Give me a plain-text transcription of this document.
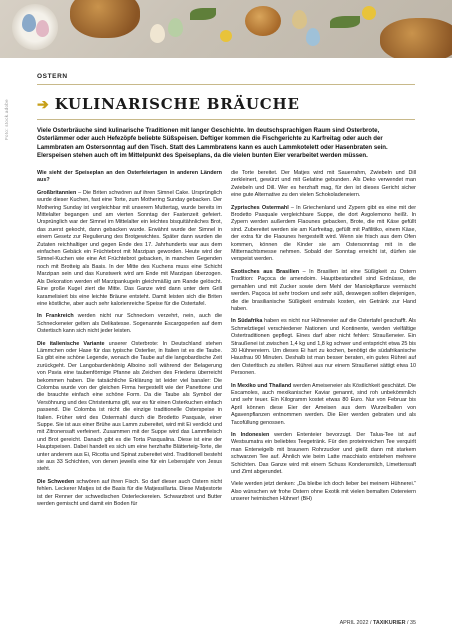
Foto: stock.adobe
OSTERN
➔ KULINARISCHE BRÄUCHE

Viele Osterbräuche sind kulinarische Traditionen mit langer Geschichte. Im deutschsprachigen Raum sind Osterbrote, Osterlämmer oder auch Hefezöpfe beliebte Süßspeisen. Deftiger kommen die Fischgerichte zu Karfreitag oder auch der Lammbraten am Ostersonntag auf den Tisch. Statt des Lammbratens kann es auch Lammkotelett oder Hasenbraten sein. Elerspeisen stehen auch oft im Mittelpunkt des Speiseplans, da die vielen bunten Eier verarbeitet werden müssen.

Wie sieht der Speiseplan an den Osterfeiertagen in anderen Ländern aus?

Großbritannien – Die Briten schwören auf ihren Simnel Cake. Ursprünglich wurde dieser Kuchen, fast eine Torte, zum Mothering Sunday gebacken. Der Mothering Sunday ist vergleichbar mit unserem Muttertag, wurde bereits im Mittelalter begangen und am vierten Sonntag der Fastenzeit gefeiert. Ursprünglich war der Simnel im Mittelalter ein leichtes bisquitähnliches Brot, das zuerst gekocht, dann gebacken wurde. Erwähnt wurde der Simnel in einem Gesetz zur Regulierung des Brotgewichtes. Später dann wurden die Zutaten reichhaltiger und gegen Ende des 17. Jahrhunderts war aus dem einfachen Gebäck ein Früchtebrot mit Marzipan geworden. Heute wird der Simnel-Kuchen wie eine Art Früchtebrot gebacken, in manchen Gegenden noch mit Brotteig als Basis. In der Mitte des Kuchens muss eine Schicht Marzipan sein und das Kunstwerk wird am Ende mit Marzipan überzogen. Als Dekoration werden elf Marzipankugeln gleichmäßig am Rande gelöscht. Eine große Kugel ziert die Mitte. Das Ganze wird dann unter dem Grill karamelisiert bis eine leichte Bräune entsteht. Damit leisten sich die Briten eine köstliche, aber auch sehr kalorienreiche Speise für die Ostertafel.

In Frankreich werden nicht nur Schnecken verzehrt, nein, auch die Schneckeneier gelten als Delikatesse. Sogenannte Escargoperlen auf dem Ostertisch kann sich nicht jeder leisten.

Die italienische Variante unserer Osterbrote: In Deutschland stehen Lämmchen oder Hase für das typische Osterlier, in Italien ist es die Taube. Es gibt eine schöne Legende, wonach die Taube auf die langobardische Zeit zurückgeht. Der Langobardenkönig Alboino soll während der Belagerung von Pavia eine taubenförmige Pfanne als Zeichen des Friedens überreicht bekommen haben. Die tatsächliche Erklärung ist leider viel banaler: Die Colomba wurde von der gleichen Firma hergestellt wie der Panettone und die brauchte einfach eine schöne Form. Da die Taube als Symbol der Versöhnung und des Christentums gilt, war es für einen Osterkuchen einfach passend. Die Colomba ist nicht die einzige traditionelle Osterspeise in Italien. Früher wird des Ostermahl durch die Brodetto Pasquale, einer Suppe. Sie ist aus einer Brühe aus Lamm zubereitet, wird mit Ei verdickt und mit Zitronensaft verfeinert. Zusammen mit der Suppe wird das Lammfleisch und Brot gereicht. Danach gibt es die Torta Pasqualina. Diese ist eine der Hauptspeisen. Dabei handelt es sich um eine herzhafte Blätterteig-Torte, die unter anderem aus Ei, Ricotta und Spinat zubereitet wird. Traditionell besteht sie aus 33 Schichten, von denen jeweils eine für ein Lebensjahr von Jesus steht.

Die Schweden schwören auf ihren Fisch. So darf dieser auch Ostern nicht fehlen. Leckerer Matjes ist die Basis für die Matjessillarta. Diese Matjestorte ist der Renner der schwedischen Osterleckereien. Schwarzbrot und Butter werden gemischt und damit ein Boden für

die Torte bereitet. Der Matjes wird mit Sauerrahm, Zwiebeln und Dill zerkleinert, gewürzt und mit Gelatine gebunden. Als Deko verwendet man Zwiebeln und Dill. Wer es herzhaft mag, für den ist dieses Gericht sicher eine gute Alternative zu den vielen Schokoladeneiern.

Zyprisches Ostermahl – In Griechenland und Zypern gibt es eine mit der Brodetto Pasquale vergleichbare Suppe, die dort Avgolemono heißt. In Zypern werden außerdem Flaounes gebacken, Brote, die mit Käse gefüllt sind. Zubereitet werden sie am Karfreitag, gefüllt mit Pafilitiko, einem Käse, der extra für die Flaounes hergestellt wird. Wenn sie frisch aus dem Ofen kommen, können die Kinder sie am Ostersonntag mit in die Mitternachtsmesse nehmen. Sobald der Sonntag erreicht ist, dürfen sie verspeist werden.

Exotisches aus Brasilien – In Brasilien ist eine Süßigkeit zu Ostern Tradition: Paçoca de amendoim. Hauptbestandteil sind Erdnüsse, die gemahlen und mit Zucker sowie dem Mehl der Maniokpflanze vermischt werden. Paçoca ist sehr trocken und sehr süß, deswegen sollten diejenigen, die die brasilianische Süßigkeit erstmals kosten, ein Getränk zur Hand haben.

In Südafrika haben es nicht nur Hühnereier auf die Ostertafel geschafft. Als Schmelztiegel verschiedener Nationen und Kontinente, werden vielfältige Ostertraditionen gepflegt. Eines darf aber nicht fehlen: Straußeneier. Ein Straußenei ist zwischen 1,4 kg und 1,8 kg schwer und entspricht etwa 25 bis 30 Hühnereiern. Um dieses Ei hart zu kochen, benötigt die südafrikanische Hausfrau 90 Minuten. Deshalb ist man besser beraten, ein gutes Rührei auf den Osterltisch zu stellen. Rührei aus nur einem Straußenei sättigt etwa 10 Personen.

In Mexiko und Thailand werden Ameiseneier als Köstlichkeit geschätzt. Die Escamoles, auch mexikanischer Kaviar genannt, sind roh unbekömmlich und sehr teuer. Ein Kilogramm kostet etwas 80 Euro. Nur von Februar bis April können diese Eier der Ameisen aus dem Wurzelballen von Agavenpflanzen entnommen werden. Die Eier werden gebraten und als Tacofüllung genossen.

In Indonesien werden Ententeier bevorzugt. Der Talua-Tee ist auf Westsumatra ein beliebtes Teegetränk. Für den proteinreichen Tee verquirlt man Enteneigelb mit braunem Rohrzucker und gießt dann mit starkem schwarzen Tee auf. Ähnlich wie beim Latte macchiato entstehen mehrere Schichten. Das Ganze wird mit einem Schuss Kondensmilch, Limettensaft und Zimt abgerundet.

Viele werden jetzt denken: „Da bleibe ich doch lieber bei meinem Hühnerei.“ Also wünschen wir frohe Ostern ohne Exotik mit vielen bemalten Ostereiern unserer heimischen Hühner! (BH)

APRIL 2022 / TAXIKURIER / 35
